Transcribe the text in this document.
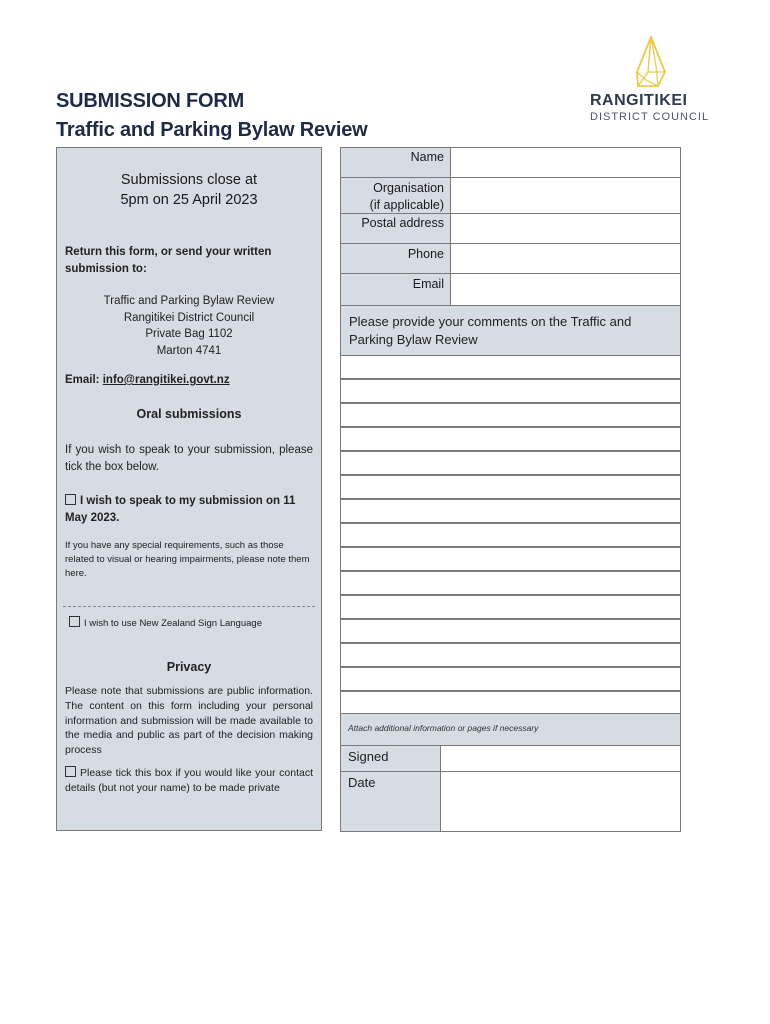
SUBMISSION FORM
Traffic and Parking Bylaw Review
RANGITIKEI
DISTRICT COUNCIL
Submissions close at
5pm on 25 April 2023
Return this form, or send your written submission to:
Traffic and Parking Bylaw Review
Rangitikei District Council
Private Bag 1102
Marton 4741
Email: info@rangitikei.govt.nz
Oral submissions
If you wish to speak to your submission, please tick the box below.
I wish to speak to my submission on 11 May 2023.
If you have any special requirements, such as those related to visual or hearing impairments, please note them here.
I wish to use New Zealand Sign Language
Privacy
Please note that submissions are public information. The content on this form including your personal information and submission will be made available to the media and public as part of the decision making process
Please tick this box if you would like your contact details (but not your name) to be made private
Name
Organisation
(if applicable)
Postal address
Phone
Email
Please provide your comments on the Traffic and Parking Bylaw Review
Attach additional information or pages if necessary
Signed
Date
